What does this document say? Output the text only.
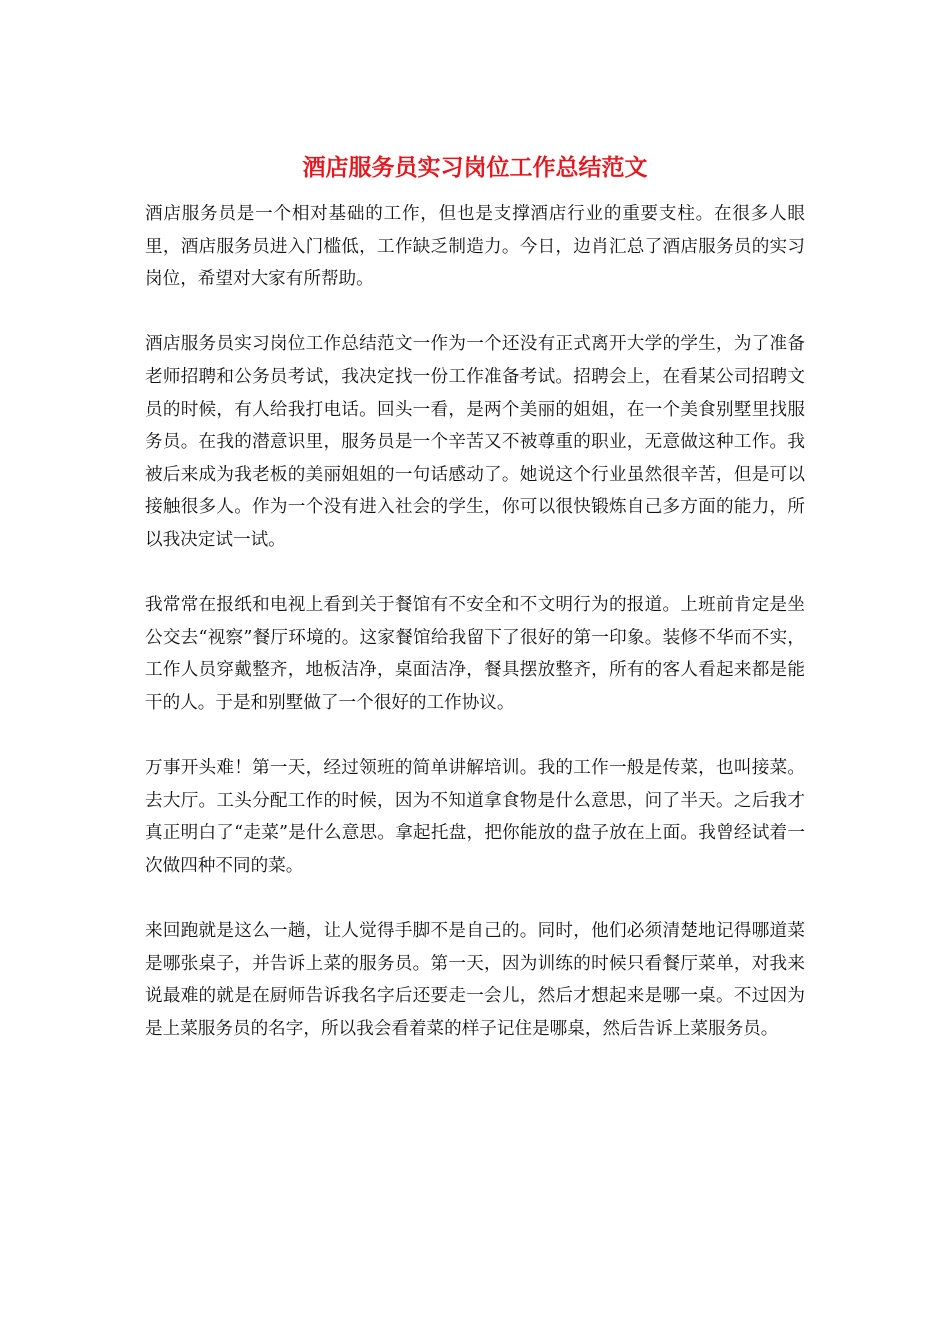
酒店服务员实习岗位工作总结范文

酒店服务员是一个相对基础的工作，但也是支撑酒店行业的重要支柱。在很多人眼里，酒店服务员进入门槛低，工作缺乏制造力。今日，边肖汇总了酒店服务员的实习岗位，希望对大家有所帮助。

酒店服务员实习岗位工作总结范文一作为一个还没有正式离开大学的学生，为了准备老师招聘和公务员考试，我决定找一份工作准备考试。招聘会上，在看某公司招聘文员的时候，有人给我打电话。回头一看，是两个美丽的姐姐，在一个美食别墅里找服务员。在我的潜意识里，服务员是一个辛苦又不被尊重的职业，无意做这种工作。我被后来成为我老板的美丽姐姐的一句话感动了。她说这个行业虽然很辛苦，但是可以接触很多人。作为一个没有进入社会的学生，你可以很快锻炼自己多方面的能力，所以我决定试一试。

我常常在报纸和电视上看到关于餐馆有不安全和不文明行为的报道。上班前肯定是坐公交去“视察”餐厅环境的。这家餐馆给我留下了很好的第一印象。装修不华而不实，工作人员穿戴整齐，地板洁净，桌面洁净，餐具摆放整齐，所有的客人看起来都是能干的人。于是和别墅做了一个很好的工作协议。

万事开头难！第一天，经过领班的简单讲解培训。我的工作一般是传菜，也叫接菜。去大厅。工头分配工作的时候，因为不知道拿食物是什么意思，问了半天。之后我才真正明白了“走菜”是什么意思。拿起托盘，把你能放的盘子放在上面。我曾经试着一次做四种不同的菜。

来回跑就是这么一趟，让人觉得手脚不是自己的。同时，他们必须清楚地记得哪道菜是哪张桌子，并告诉上菜的服务员。第一天，因为训练的时候只看餐厅菜单，对我来说最难的就是在厨师告诉我名字后还要走一会儿，然后才想起来是哪一桌。不过因为是上菜服务员的名字，所以我会看着菜的样子记住是哪桌，然后告诉上菜服务员。
